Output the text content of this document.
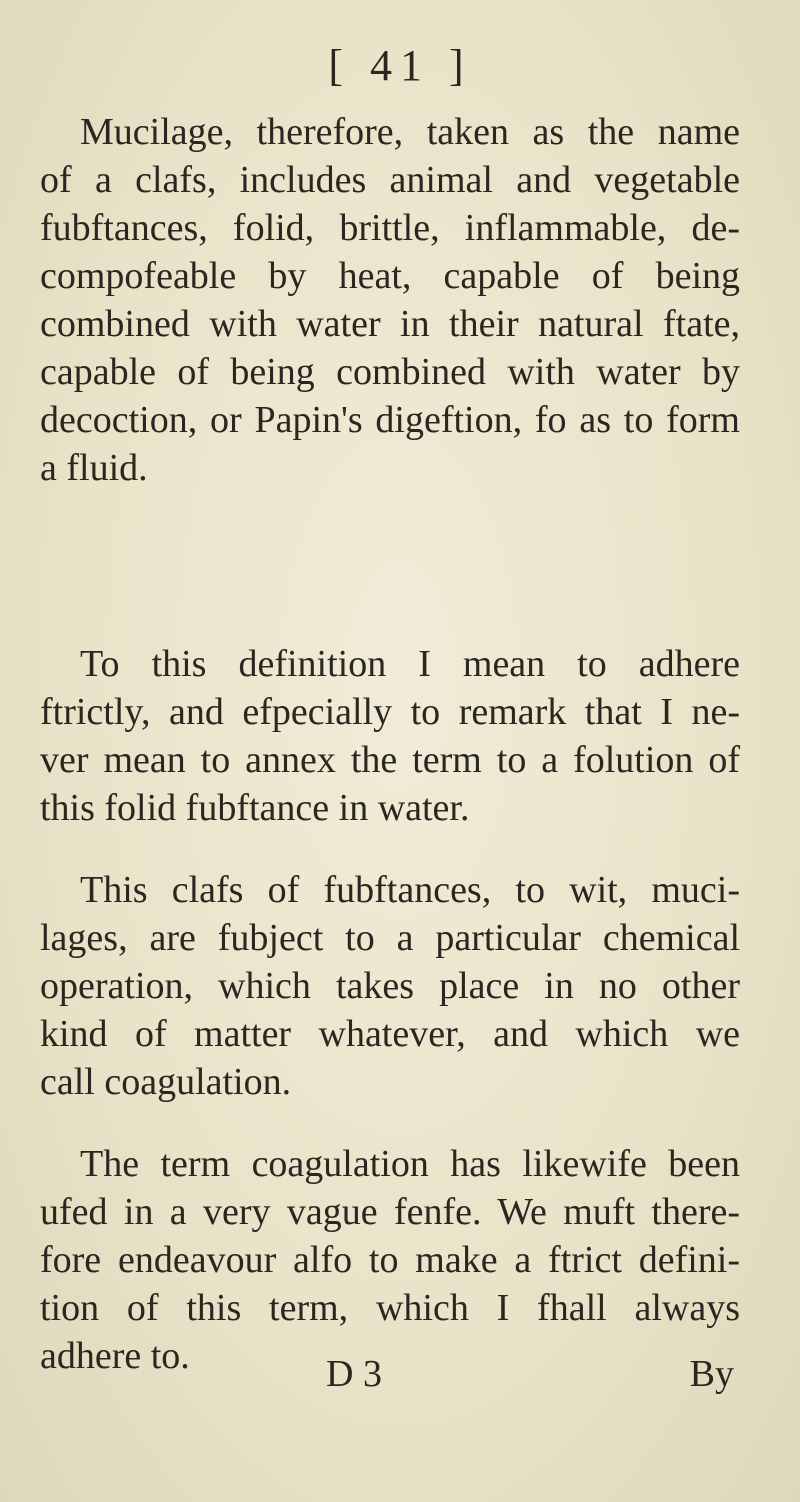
[ 41 ]
Mucilage, therefore, taken as the name
of a clafs, includes animal and vegetable
fubftances, folid, brittle, inflammable, de-
compofeable by heat, capable of being
combined with water in their natural ftate,
capable of being combined with water by
decoction, or Papin's digeftion, fo as to form
a fluid.
To this definition I mean to adhere
ftrictly, and efpecially to remark that I ne-
ver mean to annex the term to a folution of
this folid fubftance in water.
This clafs of fubftances, to wit, muci-
lages, are fubject to a particular chemical
operation, which takes place in no other
kind of matter whatever, and which we
call coagulation.
The term coagulation has likewife been
ufed in a very vague fenfe. We muft there-
fore endeavour alfo to make a ftrict defini-
tion of this term, which I fhall always
adhere to.	D 3	By
